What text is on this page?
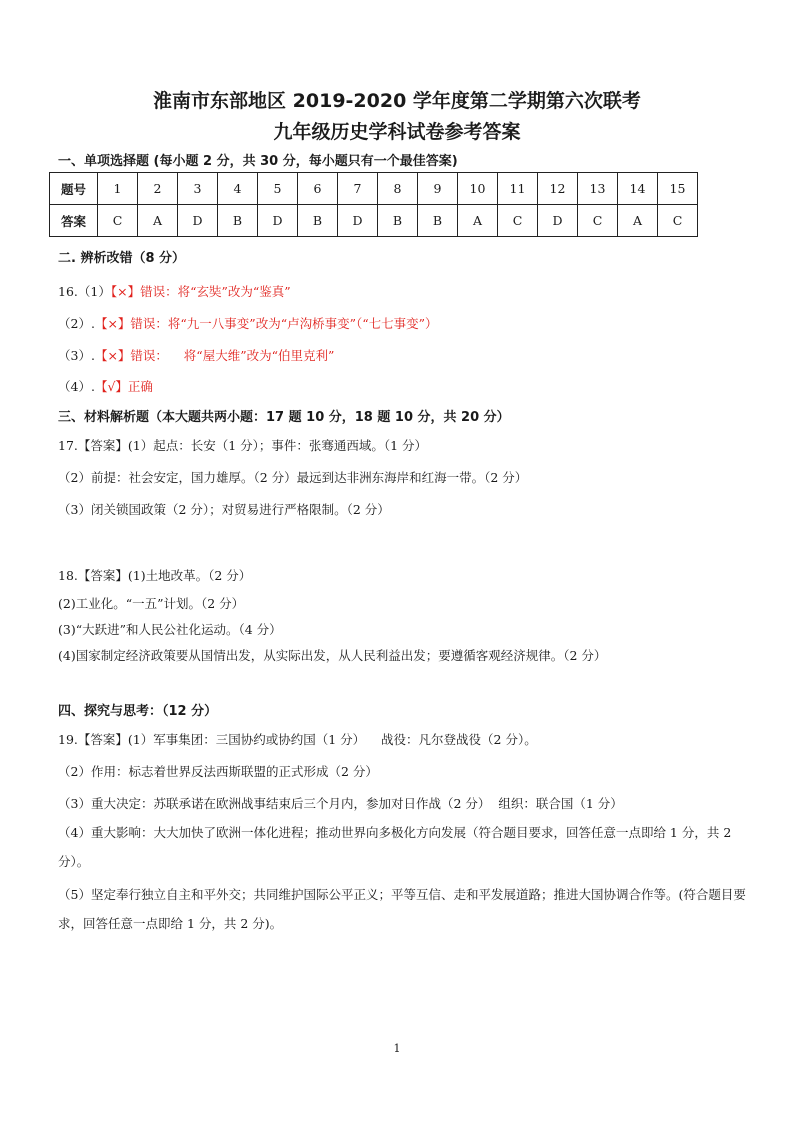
淮南市东部地区 2019-2020 学年度第二学期第六次联考
九年级历史学科试卷参考答案
一、单项选择题 (每小题 2 分，共 30 分，每小题只有一个最佳答案)
题号	1	2	3	4	5	6	7	8	9	10	11	12	13	14	15
答案	C	A	D	B	D	B	D	B	B	A	C	D	C	A	C
二. 辨析改错（8 分）
16.（1）【×】错误：将“玄奘”改为“鉴真”
（2）.【×】错误：将“九一八事变”改为“卢沟桥事变”（“七七事变”）
（3）.【×】错误：    将“屋大维”改为“伯里克利”
（4）.【√】正确
三、材料解析题（本大题共两小题：17 题 10 分，18 题 10 分，共 20 分）
17.【答案】(1）起点：长安（1 分）；事件：张骞通西域。（1 分）
（2）前提：社会安定，国力雄厚。（2 分）最远到达非洲东海岸和红海一带。（2 分）
（3）闭关锁国政策（2 分）；对贸易进行严格限制。（2 分）
18.【答案】(1)土地改革。（2 分）
(2)工业化。“一五”计划。（2 分）
(3)“大跃进”和人民公社化运动。（4 分）
(4)国家制定经济政策要从国情出发，从实际出发，从人民利益出发；要遵循客观经济规律。（2 分）
四、探究与思考：（12 分）
19.【答案】(1）军事集团：三国协约或协约国（1 分）    战役：凡尔登战役（2 分）。
（2）作用：标志着世界反法西斯联盟的正式形成（2 分）
（3）重大决定：苏联承诺在欧洲战事结束后三个月内，参加对日作战（2 分）  组织：联合国（1 分）
（4）重大影响：大大加快了欧洲一体化进程；推动世界向多极化方向发展（符合题目要求，回答任意一点即给 1 分，共 2 分）。
（5）坚定奉行独立自主和平外交；共同维护国际公平正义；平等互信、走和平发展道路；推进大国协调合作等。(符合题目要求，回答任意一点即给 1 分，共 2 分)。
1
